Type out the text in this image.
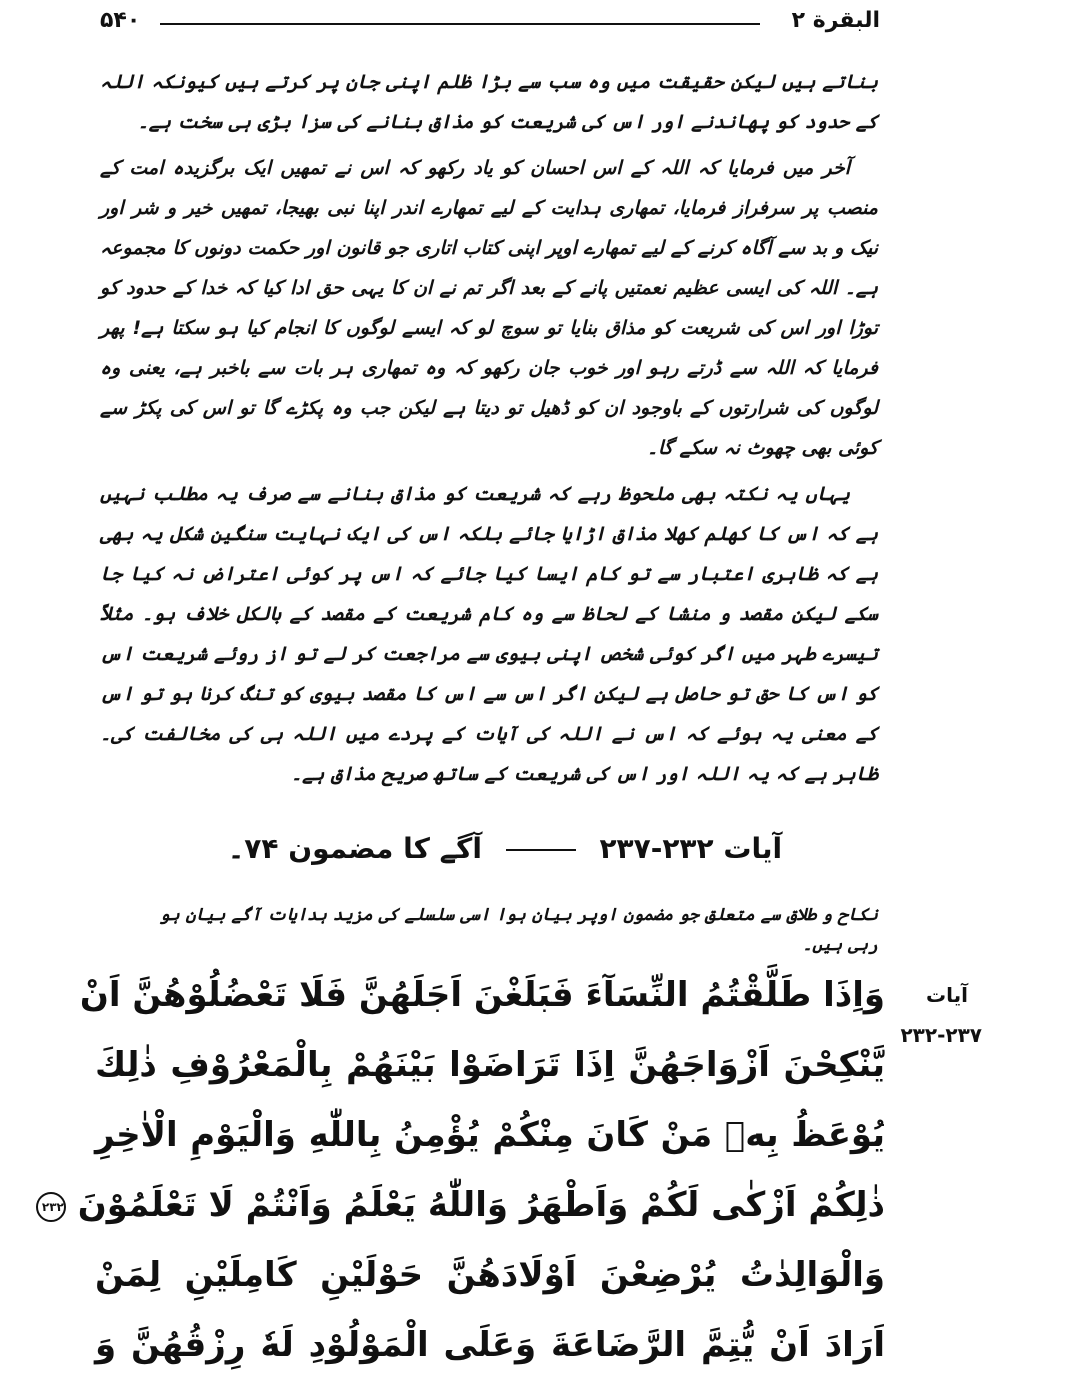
البقرة ۲
۵۴۰

بناتے ہیں لیکن حقیقت میں وہ سب سے بڑا ظلم اپنی جان پر کرتے ہیں کیونکہ اللہ کے حدود کو پھاندنے اور اس کی شریعت کو مذاق بنانے کی سزا بڑی ہی سخت ہے۔

آخر میں فرمایا کہ اللہ کے اس احسان کو یاد رکھو کہ اس نے تمھیں ایک برگزیدہ امت کے منصب پر سرفراز فرمایا، تمھاری ہدایت کے لیے تمھارے اندر اپنا نبی بھیجا، تمھیں خیر و شر اور نیک و بد سے آگاہ کرنے کے لیے تمھارے اوپر اپنی کتاب اتاری جو قانون اور حکمت دونوں کا مجموعہ ہے۔ اللہ کی ایسی عظیم نعمتیں پانے کے بعد اگر تم نے ان کا یہی حق ادا کیا کہ خدا کے حدود کو توڑا اور اس کی شریعت کو مذاق بنایا تو سوچ لو کہ ایسے لوگوں کا انجام کیا ہو سکتا ہے! پھر فرمایا کہ اللہ سے ڈرتے رہو اور خوب جان رکھو کہ وہ تمھاری ہر بات سے باخبر ہے، یعنی وہ لوگوں کی شرارتوں کے باوجود ان کو ڈھیل تو دیتا ہے لیکن جب وہ پکڑے گا تو اس کی پکڑ سے کوئی بھی چھوٹ نہ سکے گا۔

یہاں یہ نکتہ بھی ملحوظ رہے کہ شریعت کو مذاق بنانے سے صرف یہ مطلب نہیں ہے کہ اس کا کھلم کھلا مذاق اڑایا جائے بلکہ اس کی ایک نہایت سنگین شکل یہ بھی ہے کہ ظاہری اعتبار سے تو کام ایسا کیا جائے کہ اس پر کوئی اعتراض نہ کیا جا سکے لیکن مقصد و منشا کے لحاظ سے وہ کام شریعت کے مقصد کے بالکل خلاف ہو۔ مثلاً تیسرے طہر میں اگر کوئی شخص اپنی بیوی سے مراجعت کر لے تو از روئے شریعت اس کو اس کا حق تو حاصل ہے لیکن اگر اس سے اس کا مقصد بیوی کو تنگ کرنا ہو تو اس کے معنی یہ ہوئے کہ اس نے اللہ کی آیات کے پردے میں اللہ ہی کی مخالفت کی۔ ظاہر ہے کہ یہ اللہ اور اس کی شریعت کے ساتھ صریح مذاق ہے۔

آیات ۲۳۲-۲۳۷  آگے کا مضمون ۷۴۔
نکاح و طلاق سے متعلق جو مضمون اوپر بیان ہوا اسی سلسلے کی مزید ہدایات آگے بیان ہو رہی ہیں۔
آیات
۲۳۲-۲۳۷
وَاِذَا طَلَّقْتُمُ النِّسَآءَ فَبَلَغْنَ اَجَلَهُنَّ فَلَا تَعْضُلُوْهُنَّ اَنْ
يَّنْكِحْنَ اَزْوَاجَهُنَّ اِذَا تَرَاضَوْا بَيْنَهُمْ بِالْمَعْرُوْفِ ذٰلِكَ
يُوْعَظُ بِهٖ مَنْ كَانَ مِنْكُمْ يُؤْمِنُ بِاللّٰهِ وَالْيَوْمِ الْاٰخِرِ
ذٰلِكُمْ اَزْكٰى لَكُمْ وَاَطْهَرُ وَاللّٰهُ يَعْلَمُ وَاَنْتُمْ لَا تَعْلَمُوْنَ ۲۳۲
وَالْوَالِدٰتُ يُرْضِعْنَ اَوْلَادَهُنَّ حَوْلَيْنِ كَامِلَيْنِ لِمَنْ
اَرَادَ اَنْ يُّتِمَّ الرَّضَاعَةَ وَعَلَى الْمَوْلُوْدِ لَهٗ رِزْقُهُنَّ وَ
